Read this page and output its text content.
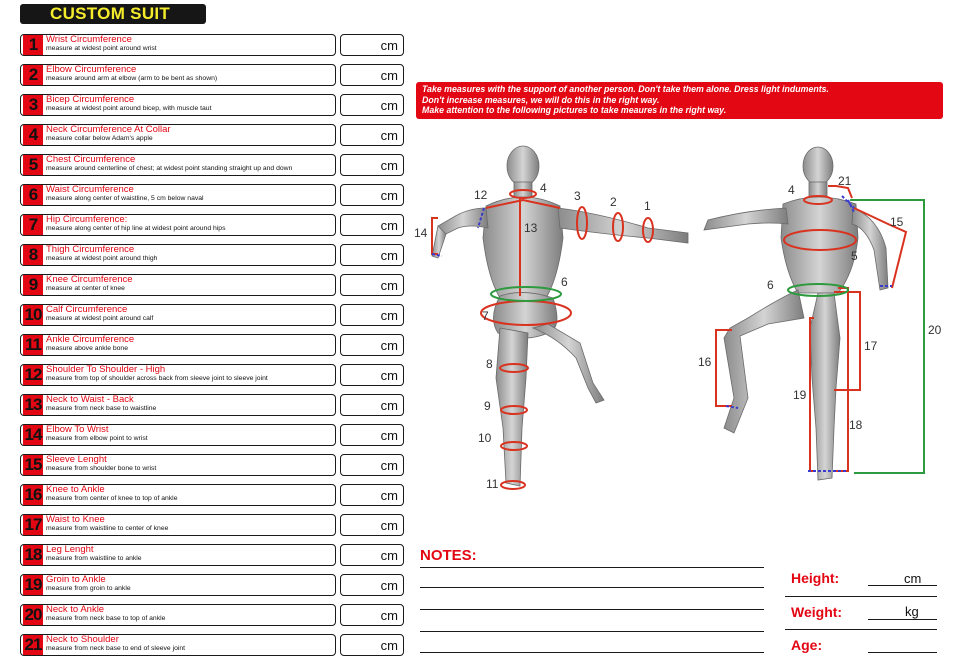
CUSTOM SUIT
1 Wrist Circumference
measure at widest point around wrist	cm
2 Elbow Circumference
measure around arm at elbow (arm to be bent as shown)	cm
3 Bicep Circumference
measure at widest point around bicep, with muscle taut	cm
4 Neck Circumference At Collar
measure collar below Adam's apple	cm
5 Chest Circumference
measure around centerline of chest; at widest point standing straight up and down	cm
6 Waist Circumference
measure along center of waistline, 5 cm below naval	cm
7 Hip Circumference:
measure along center of hip line at widest point around hips	cm
8 Thigh Circumference
measure at widest point around thigh	cm
9 Knee Circumference
measure at center of knee	cm
10 Calf Circumference
measure at widest point around calf	cm
11 Ankle Circumference
measure above ankle bone	cm
12 Shoulder To Shoulder - High
measure from top of shoulder across back from sleeve joint to sleeve joint	cm
13 Neck to Waist - Back
measure from neck base to waistline	cm
14 Elbow To Wrist
measure from elbow point to wrist	cm
15 Sleeve Lenght
measure from shoulder bone to wrist	cm
16 Knee to Ankle
measure from center of knee to top of ankle	cm
17 Waist to Knee
measure from waistline to center of knee	cm
18 Leg Lenght
measure from waistline to ankle	cm
19 Groin to Ankle
measure from groin to ankle	cm
20 Neck to Ankle
measure from neck base to top of ankle	cm
21 Neck to Shoulder
measure from neck base to end of sleeve joint	cm
Take measures with the support of another person. Don't take them alone. Dress light induments.
Don't increase measures, we will do this in the right way.
Make attention to the following pictures to take meaures in the right way.
1
2
3
4
6
7
8
9
10
11
12
13
14
4
5
6
15
16
17
18
19
20
21
NOTES:
Height:	cm
Weight:	kg
Age:
